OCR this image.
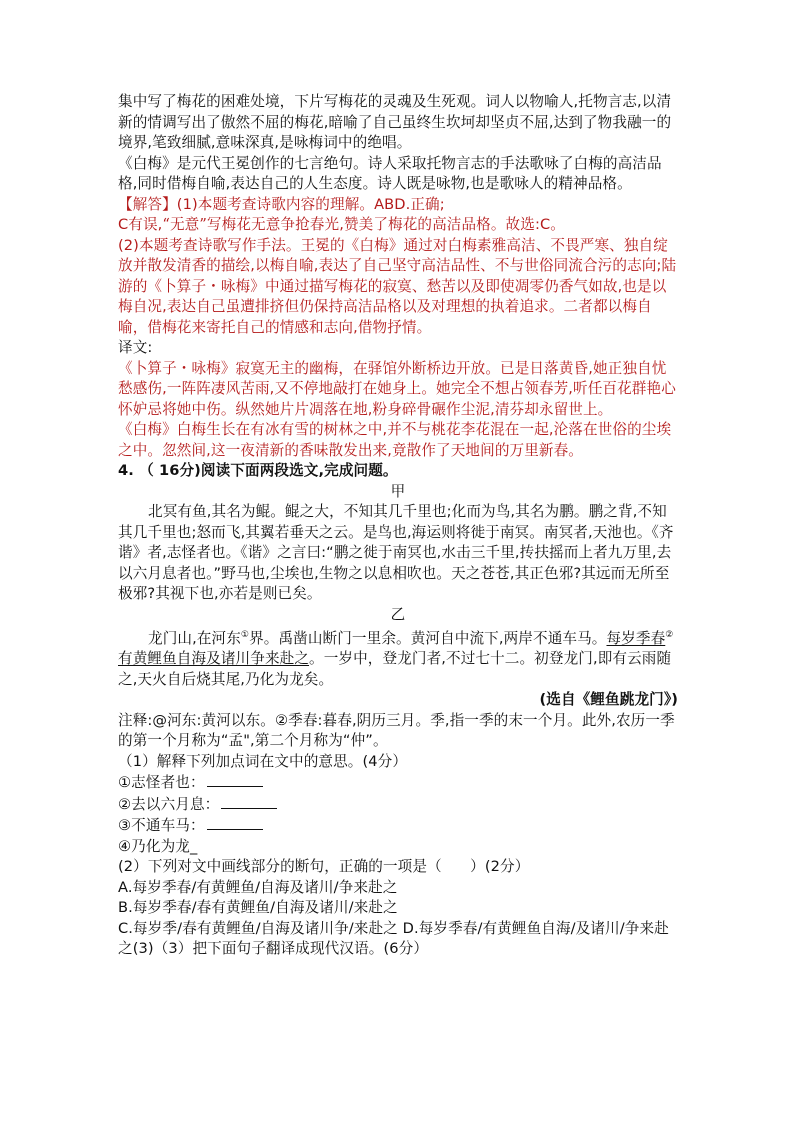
集中写了梅花的困难处境，下片写梅花的灵魂及生死观。词人以物喻人,托物言志,以清新的情调写出了傲然不屈的梅花,暗喻了自己虽终生坎坷却坚贞不屈,达到了物我融一的境界,笔致细腻,意味深真,是咏梅词中的绝唱。

《白梅》是元代王冕创作的七言绝句。诗人采取托物言志的手法歌咏了白梅的高洁品格,同时借梅自喻,表达自己的人生态度。诗人既是咏物,也是歌咏人的精神品格。

【解答】(1)本题考查诗歌内容的理解。ABD.正确;

C有误,“无意”写梅花无意争抢春光,赞美了梅花的高洁品格。故选:C。

(2)本题考查诗歌写作手法。王冕的《白梅》通过对白梅素雅高洁、不畏严寒、独自绽放并散发清香的描绘,以梅自喻,表达了自己坚守高洁品性、不与世俗同流合污的志向;陆游的《卜算子・咏梅》中通过描写梅花的寂寞、愁苦以及即使凋零仍香气如故,也是以梅自况,表达自己虽遭排挤但仍保持高洁品格以及对理想的执着追求。二者都以梅自喻，借梅花来寄托自己的情感和志向,借物抒情。

译文:

《卜算子・咏梅》寂寞无主的幽梅，在驿馆外断桥边开放。已是日落黄昏,她正独自忧愁感伤,一阵阵凄风苦雨,又不停地敲打在她身上。她完全不想占领春芳,听任百花群艳心怀妒忌将她中伤。纵然她片片凋落在地,粉身碎骨碾作尘泥,清芬却永留世上。

《白梅》白梅生长在有冰有雪的树林之中,并不与桃花李花混在一起,沦落在世俗的尘埃之中。忽然间,这一夜清新的香味散发出来,竟散作了天地间的万里新春。

4. （ 16分)阅读下面两段选文,完成问题。

甲

北冥有鱼,其名为鲲。鲲之大，不知其几千里也;化而为鸟,其名为鹏。鹏之背,不知其几千里也;怒而飞,其翼若垂天之云。是鸟也,海运则将徙于南冥。南冥者,天池也。《齐谐》者,志怪者也。《谐》之言曰:“鹏之徙于南冥也,水击三千里,抟扶摇而上者九万里,去以六月息者也。”野马也,尘埃也,生物之以息相吹也。天之苍苍,其正色邪?其远而无所至极邪?其视下也,亦若是则已矣。

乙

龙门山,在河东①界。禹凿山断门一里余。黄河自中流下,两岸不通车马。每岁季春②有黄鲤鱼自海及诸川争来赴之。一岁中，登龙门者,不过七十二。初登龙门,即有云雨随之,天火自后烧其尾,乃化为龙矣。

(选自《鲤鱼跳龙门》)

注释:@河东:黄河以东。②季春:暮春,阴历三月。季,指一季的末一个月。此外,农历一季的第一个月称为“孟",第二个月称为“仲”。

（1）解释下列加点词在文中的意思。(4分）

①志怪者也：

②去以六月息：

③不通车马：

④乃化为龙_

(2）下列对文中画线部分的断句，正确的一项是（      ）(2分）

A.每岁季春/有黄鲤鱼/自海及诸川/争来赴之

B.每岁季春/春有黄鲤鱼/自海及诸川/来赴之

C.每岁季/春有黄鲤鱼/自海及诸川争/来赴之 D.每岁季春/有黄鲤鱼自海/及诸川/争来赴之(3)（3）把下面句子翻译成现代汉语。(6分）
